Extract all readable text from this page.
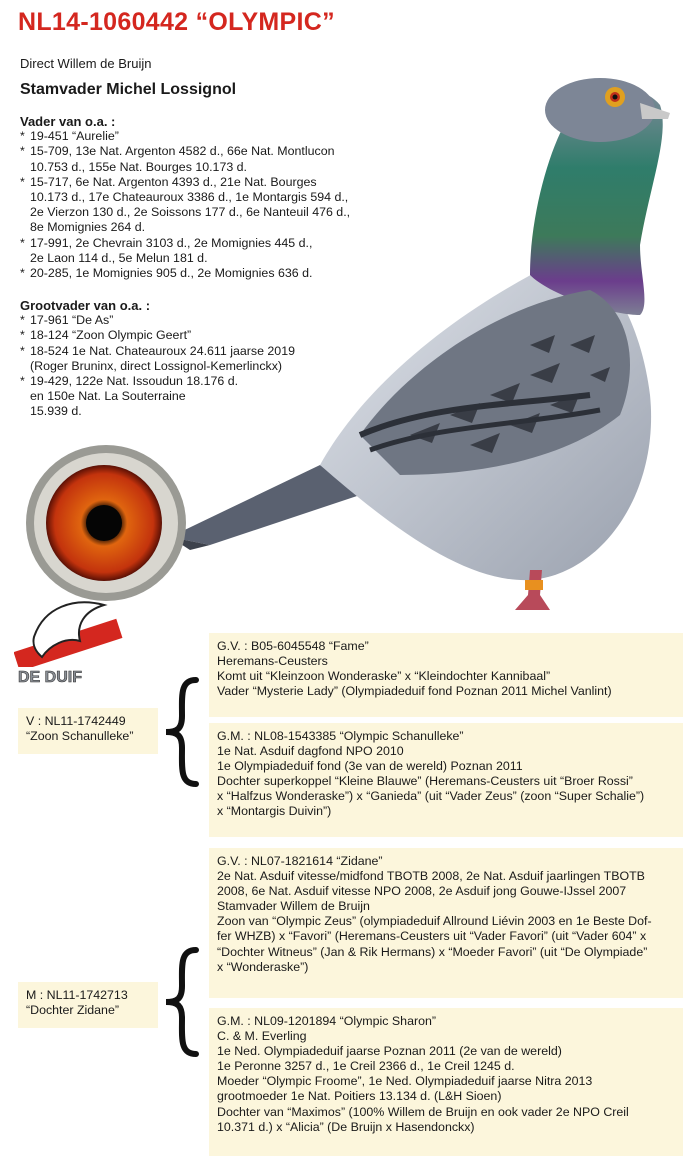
NL14-1060442 “OLYMPIC”
Direct Willem de Bruijn
Stamvader Michel Lossignol
Vader van o.a. :
* 19-451 “Aurelie”
* 15-709, 13e Nat. Argenton 4582 d., 66e Nat. Montlucon
10.753 d., 155e Nat. Bourges 10.173 d.
* 15-717, 6e Nat. Argenton 4393 d., 21e Nat. Bourges
10.173 d., 17e Chateauroux 3386 d., 1e Montargis 594 d.,
2e Vierzon 130 d., 2e Soissons 177 d., 6e Nanteuil 476 d.,
8e Momignies 264 d.
* 17-991, 2e Chevrain 3103 d., 2e Momignies 445 d.,
2e Laon 114 d., 5e Melun 181 d.
* 20-285, 1e Momignies 905 d., 2e Momignies 636 d.
Grootvader van o.a. :
* 17-961 “De As”
* 18-124 “Zoon Olympic Geert”
* 18-524 1e Nat. Chateauroux 24.611 jaarse 2019
(Roger Bruninx, direct Lossignol-Kemerlinckx)
* 19-429, 122e Nat. Issoudun 18.176 d.
en 150e Nat. La Souterraine
15.939 d.
DE DUIF
V : NL11-1742449
“Zoon Schanulleke”
M : NL11-1742713
“Dochter Zidane”
G.V. : B05-6045548 “Fame”
Heremans-Ceusters
Komt uit “Kleinzoon Wonderaske” x “Kleindochter Kannibaal”
Vader “Mysterie Lady” (Olympiadeduif fond Poznan 2011 Michel Vanlint)
G.M. : NL08-1543385 “Olympic Schanulleke”
1e Nat. Asduif dagfond NPO 2010
1e Olympiadeduif fond (3e van de wereld) Poznan 2011
Dochter superkoppel “Kleine Blauwe” (Heremans-Ceusters uit “Broer Rossi”
x “Halfzus Wonderaske”) x “Ganieda” (uit “Vader Zeus” (zoon “Super Schalie”)
x “Montargis Duivin”)
G.V. : NL07-1821614 “Zidane”
2e Nat. Asduif vitesse/midfond TBOTB 2008, 2e Nat. Asduif jaarlingen TBOTB
2008, 6e Nat. Asduif vitesse NPO 2008, 2e Asduif jong Gouwe-IJssel 2007
Stamvader Willem de Bruijn
Zoon van “Olympic Zeus” (olympiadeduif Allround Liévin 2003 en 1e Beste Dof-
fer WHZB) x “Favori” (Heremans-Ceusters uit “Vader Favori” (uit “Vader 604” x
“Dochter Witneus” (Jan & Rik Hermans) x “Moeder Favori” (uit “De Olympiade”
x “Wonderaske”)
G.M. : NL09-1201894 “Olympic Sharon”
C. & M. Everling
1e Ned. Olympiadeduif jaarse Poznan 2011 (2e van de wereld)
1e Peronne 3257 d., 1e Creil 2366 d., 1e Creil 1245 d.
Moeder “Olympic Froome”, 1e Ned. Olympiadeduif jaarse Nitra 2013
grootmoeder 1e Nat. Poitiers 13.134 d. (L&H Sioen)
Dochter van “Maximos” (100% Willem de Bruijn en ook vader 2e NPO Creil
10.371 d.) x “Alicia” (De Bruijn x Hasendonckx)
